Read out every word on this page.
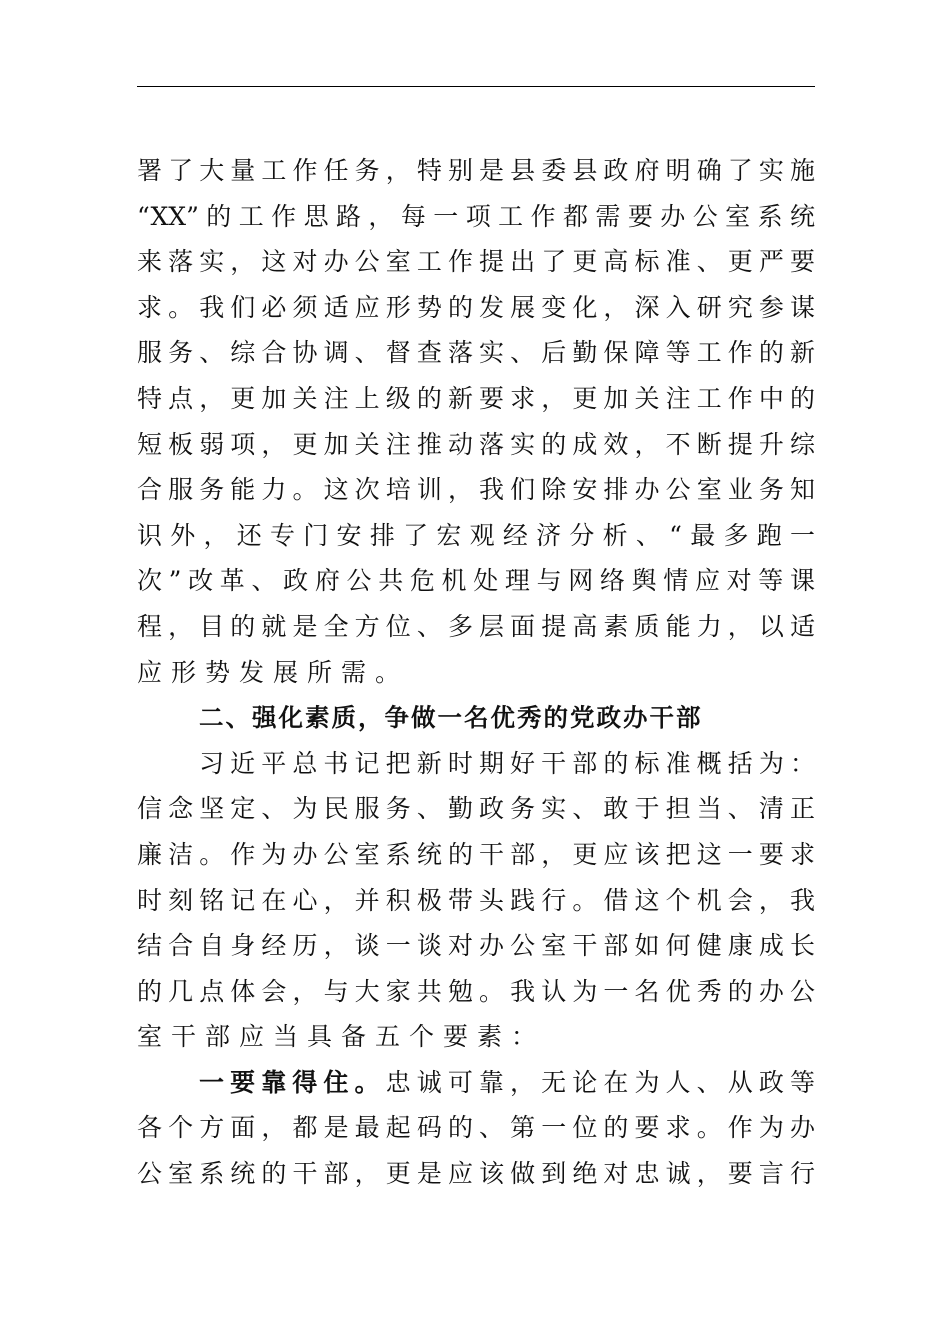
署了大量工作任务，特别是县委县政府明确了实施
“XX”的工作思路，每一项工作都需要办公室系统
来落实，这对办公室工作提出了更高标准、更严要
求。我们必须适应形势的发展变化，深入研究参谋
服务、综合协调、督查落实、后勤保障等工作的新
特点，更加关注上级的新要求，更加关注工作中的
短板弱项，更加关注推动落实的成效，不断提升综
合服务能力。这次培训，我们除安排办公室业务知
识外，还专门安排了宏观经济分析、“最多跑一
次”改革、政府公共危机处理与网络舆情应对等课
程，目的就是全方位、多层面提高素质能力，以适
应形势发展所需。
二、强化素质，争做一名优秀的党政办干部
习近平总书记把新时期好干部的标准概括为：
信念坚定、为民服务、勤政务实、敢于担当、清正
廉洁。作为办公室系统的干部，更应该把这一要求
时刻铭记在心，并积极带头践行。借这个机会，我
结合自身经历，谈一谈对办公室干部如何健康成长
的几点体会，与大家共勉。我认为一名优秀的办公
室干部应当具备五个要素：
一要靠得住。忠诚可靠，无论在为人、从政等
各个方面，都是最起码的、第一位的要求。作为办
公室系统的干部，更是应该做到绝对忠诚，要言行
